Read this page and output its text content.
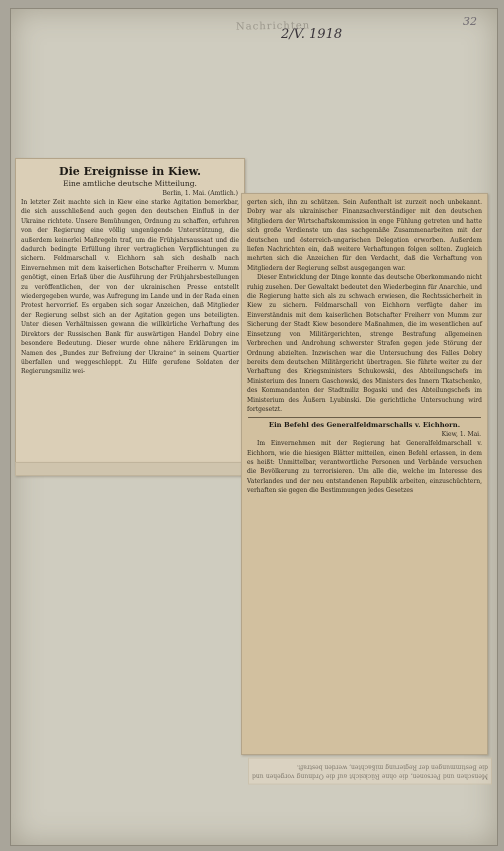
Nachrichten
2/V. 1918
32
Die Ereignisse in Kiew.
Eine amtliche deutsche Mitteilung.
Berlin, 1. Mai. (Amtlich.)
In letzter Zeit machte sich in Kiew eine starke Agitation bemerkbar, die sich ausschließend auch gegen den deutschen Einfluß in der Ukraine richtete. Unsere Bemühungen, Ordnung zu schaffen, erfuhren von der Regierung eine völlig ungenügende Unterstützung, die außerdem keinerlei Maßregeln traf, um die Frühjahrsaussaat und die dadurch bedingte Erfüllung ihrer vertraglichen Verpflichtungen zu sichern. Feldmarschall v. Eichhorn sah sich deshalb nach Einvernehmen mit dem kaiserlichen Botschafter Freiherrn v. Mumm genötigt, einen Erlaß über die Ausführung der Frühjahrsbestellungen zu veröffentlichen, der von der ukrainischen Presse entstellt wiedergegeben wurde, was Aufregung im Lande und in der Rada einen Protest hervorrief. Es ergaben sich sogar Anzeichen, daß Mitglieder der Regierung selbst sich an der Agitation gegen uns beteiligten. Unter diesen Verhältnissen gewann die willkürliche Verhaftung des Direktors der Russischen Bank für auswärtigen Handel Dobry eine besondere Bedeutung. Dieser wurde ohne nähere Erklärungen im Namen des „Bundes zur Befreiung der Ukraine“ in seinem Quartier überfallen und weggeschleppt. Zu Hilfe gerufene Soldaten der Regierungsmiliz wei-
gerten sich, ihn zu schützen. Sein Aufenthalt ist zurzeit noch unbekannt. Dobry war als ukrainischer Finanzsachverständiger mit den deutschen Mitgliedern der Wirtschaftskommission in enge Fühlung getreten und hatte sich große Verdienste um das sachgemäße Zusammenarbeiten mit der deutschen und österreich-ungarischen Delegation erworben. Außerdem liefen Nachrichten ein, daß weitere Verhaftungen folgen sollten. Zugleich mehrten sich die Anzeichen für den Verdacht, daß die Verhaftung von Mitgliedern der Regierung selbst ausgegangen war.
Dieser Entwicklung der Dinge konnte das deutsche Oberkommando nicht ruhig zusehen. Der Gewaltakt bedeutet den Wiederbeginn für Anarchie, und die Regierung hatte sich als zu schwach erwiesen, die Rechtssicherheit in Kiew zu sichern. Feldmarschall von Eichhorn verfügte daher im Einverständnis mit dem kaiserlichen Botschafter Freiherr von Mumm zur Sicherung der Stadt Kiew besondere Maßnahmen, die im wesentlichen auf Einsetzung von Militärgerichten, strenge Bestrafung allgemeinen Verbrechen und Androhung schwerster Strafen gegen jede Störung der Ordnung abzielten. Inzwischen war die Untersuchung des Falles Dobry bereits dem deutschen Militärgericht übertragen. Sie führte weiter zu der Verhaftung des Kriegsministers Schukowski, des Abteilungschefs im Ministerium des Innern Gaschowski, des Ministers des Innern Tkatschenko, des Kommandanten der Stadtmiliz Bogaski und des Abteilungschefs im Ministerium des Äußern Lyubinski. Die gerichtliche Untersuchung wird fortgesetzt.
Ein Befehl des Generalfeldmarschalls v. Eichhorn.
Kiew, 1. Mai.
Im Einvernehmen mit der Regierung hat Generalfeldmarschall v. Eichhorn, wie die hiesigen Blätter mitteilen, einen Befehl erlassen, in dem es heißt: Unmittelbar, verantwortliche Personen und Verbände versuchen die Bevölkerung zu terrorisieren. Um alle die, welche im Interesse des Vaterlandes und der neu entstandenen Republik arbeiten, einzuschüchtern, verhaften sie gegen die Bestimmungen jedes Gesetzes
Menschen und Personen, die ohne Rücksicht auf die Ordnung vorgehen und die Bestimmungen der Regierung mißachten, werden bestraft.
